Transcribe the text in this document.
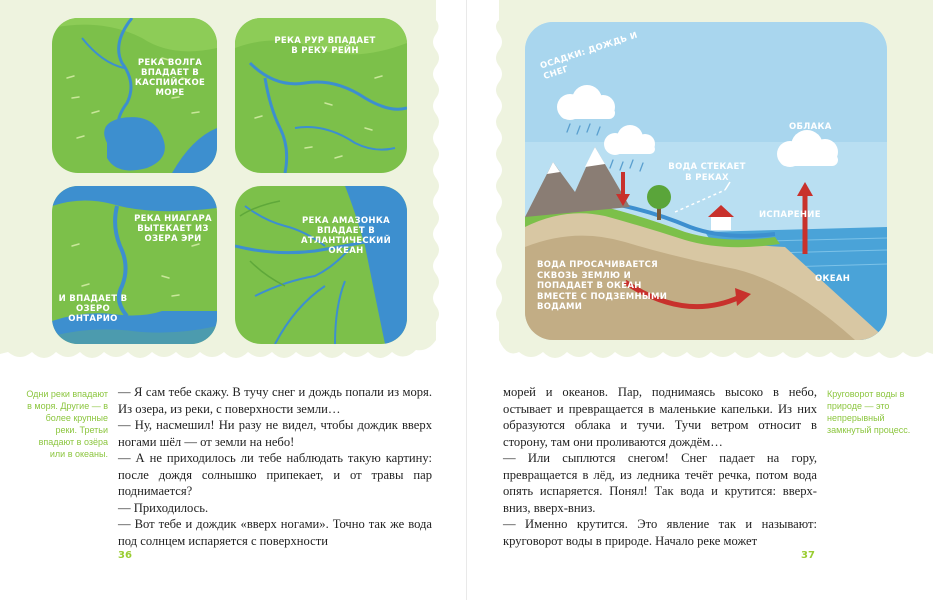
РЕКА ВОЛГА ВПАДАЕТ В КАСПИЙСКОЕ МОРЕ
РЕКА РУР ВПАДАЕТ В РЕКУ РЕЙН
РЕКА НИАГАРА ВЫТЕКАЕТ ИЗ ОЗЕРА ЭРИ
И ВПАДАЕТ В ОЗЕРО ОНТАРИО
РЕКА АМАЗОНКА ВПАДАЕТ В АТЛАНТИЧЕСКИЙ ОКЕАН
Одни реки впадают в моря. Другие — в более крупные реки. Третьи впадают в озёра или в океаны.

— Я сам тебе скажу. В тучу снег и дождь попали из моря. Из озера, из реки, с поверхности земли…

— Ну, насмешил! Ни разу не видел, чтобы дождик вверх ногами шёл — от земли на небо!

— А не приходилось ли тебе наблюдать такую картину: после дождя солнышко припекает, и от травы пар поднимается?

— Приходилось.

— Вот тебе и дождик «вверх ногами». Точно так же вода под солнцем испаряется с поверхности

36
ОСАДКИ: ДОЖДЬ И СНЕГ
ОБЛАКА
ВОДА СТЕКАЕТ В РЕКАХ
ИСПАРЕНИЕ
ОКЕАН
ВОДА ПРОСАЧИВАЕТСЯ СКВОЗЬ ЗЕМЛЮ И ПОПАДАЕТ В ОКЕАН ВМЕСТЕ С ПОДЗЕМНЫМИ ВОДАМИ

морей и океанов. Пар, поднимаясь высоко в небо, остывает и превращается в маленькие капельки. Из них образуются облака и тучи. Тучи ветром относит в сторону, там они проливаются дождём…

— Или сыплются снегом! Снег падает на гору, превращается в лёд, из ледника течёт речка, потом вода опять испаряется. Понял! Так вода и крутится: вверх-вниз, вверх-вниз.

— Именно крутится. Это явление так и называют: круговорот воды в природе. Начало реке может

Круговорот воды в природе — это непрерывный замкнутый процесс.
37
